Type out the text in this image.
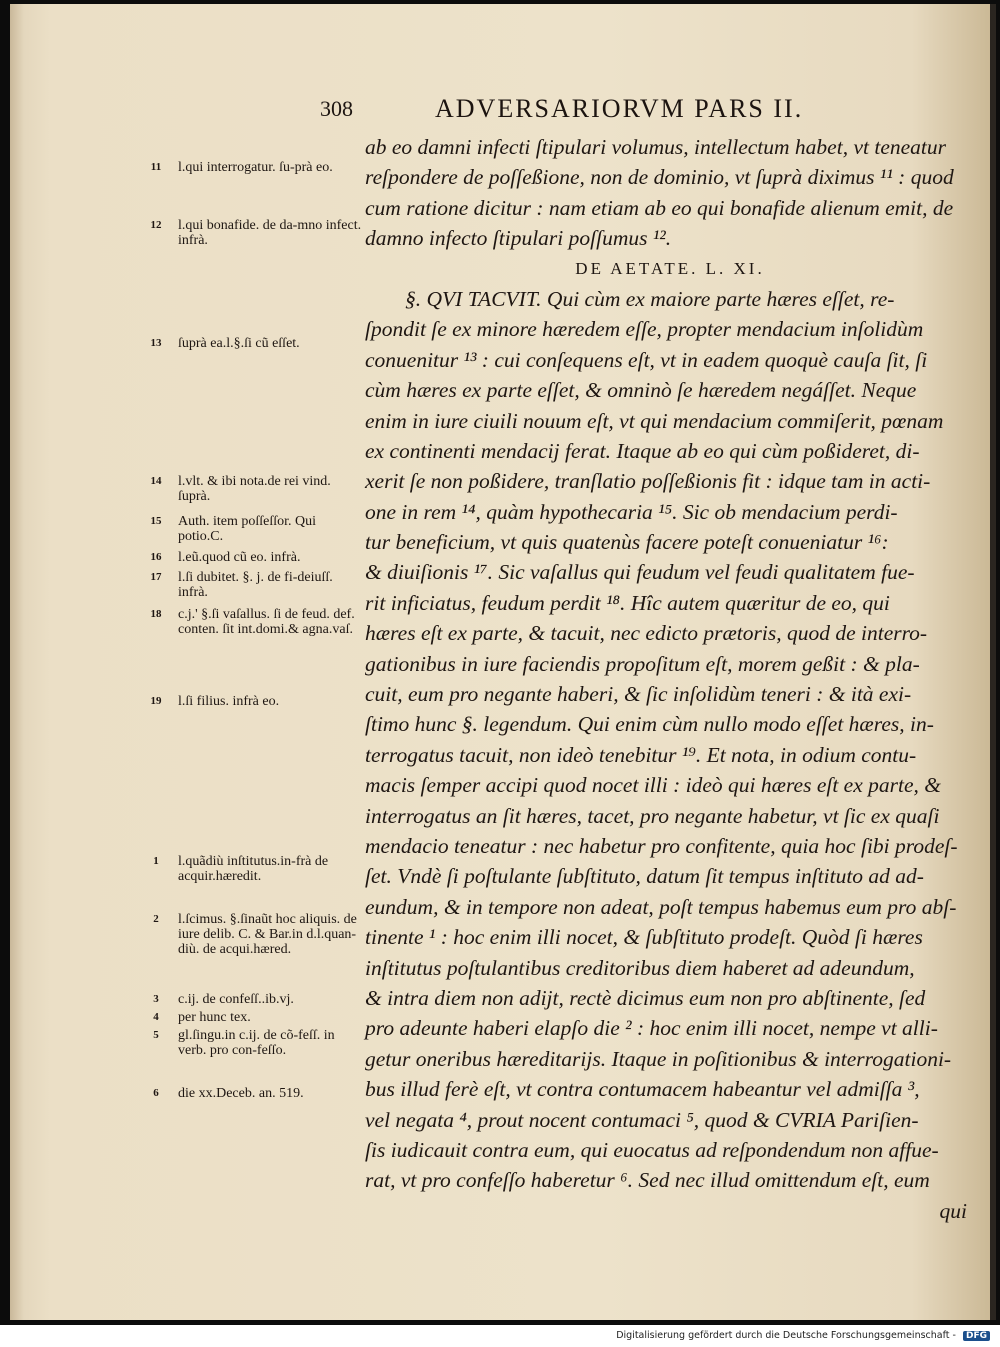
308	ADVERSARIORVM PARS II.
11	l.qui interrogatur. ſu-prà eo.
12	l.qui bonafide. de da-mno infect. infrà.
13	ſuprà ea.l.§.ſi cũ eſſet.
14	l.vlt. & ibi nota.de rei vind. ſuprà.
15	Auth. item poſſeſſor. Qui potio.C.
16	l.eũ.quod cũ eo. infrà.
17	l.ſi dubitet. §. j. de fi-deiuſſ. infrà.
18	c.j.' §.ſi vaſallus. ſi de feud. def. conten. ſit int.domi.& agna.vaſ.
19	l.ſi filius. infrà eo.
1	l.quãdiù inſtitutus.in-frà de acquir.hæredit.
2	l.ſcimus. §.ſinaũt hoc aliquis. de iure delib. C. & Bar.in d.l.quan-diù. de acqui.hæred.
3	c.ij. de confeſſ..ib.vj.
4	per hunc tex.
5	gl.ſingu.in c.ij. de cõ-feſſ. in verb. pro con-feſſo.
6	die xx.Deceb. an. 519.
ab eo damni infecti ſtipulari volumus, intellectum habet, vt teneatur
reſpondere de poſſeßione, non de dominio, vt ſuprà diximus ¹¹ : quod
cum ratione dicitur : nam etiam ab eo qui bonafide alienum emit, de
damno infecto ſtipulari poſſumus ¹².
DE AETATE. L. XI.
§. QVI TACVIT. Qui cùm ex maiore parte hæres eſſet, re-
ſpondit ſe ex minore hæredem eſſe, propter mendacium inſolidùm
conuenitur ¹³ : cui conſequens eſt, vt in eadem quoquè cauſa ſit, ſi
cùm hæres ex parte eſſet, & omninò ſe hæredem negáſſet. Neque
enim in iure ciuili nouum eſt, vt qui mendacium commiſerit, pœnam
ex continenti mendacij ferat. Itaque ab eo qui cùm poßideret, di-
xerit ſe non poßidere, tranſlatio poſſeßionis fit : idque tam in acti-
one in rem ¹⁴, quàm hypothecaria ¹⁵. Sic ob mendacium perdi-
tur beneficium, vt quis quatenùs facere poteſt conueniatur ¹⁶:
& diuiſionis ¹⁷. Sic vaſallus qui feudum vel feudi qualitatem fue-
rit inficiatus, feudum perdit ¹⁸. Hîc autem quæritur de eo, qui
hæres eſt ex parte, & tacuit, nec edicto prætoris, quod de interro-
gationibus in iure faciendis propoſitum eſt, morem geßit : & pla-
cuit, eum pro negante haberi, & ſic inſolidùm teneri : & ità exi-
ſtimo hunc §. legendum. Qui enim cùm nullo modo eſſet hæres, in-
terrogatus tacuit, non ideò tenebitur ¹⁹. Et nota, in odium contu-
macis ſemper accipi quod nocet illi : ideò qui hæres eſt ex parte, &
interrogatus an ſit hæres, tacet, pro negante habetur, vt ſic ex quaſi
mendacio teneatur : nec habetur pro confitente, quia hoc ſibi prodeſ-
ſet. Vndè ſi poſtulante ſubſtituto, datum ſit tempus inſtituto ad ad-
eundum, & in tempore non adeat, poſt tempus habemus eum pro abſ-
tinente ¹ : hoc enim illi nocet, & ſubſtituto prodeſt. Quòd ſi hæres
inſtitutus poſtulantibus creditoribus diem haberet ad adeundum,
& intra diem non adijt, rectè dicimus eum non pro abſtinente, ſed
pro adeunte haberi elapſo die ² : hoc enim illi nocet, nempe vt alli-
getur oneribus hæreditarijs. Itaque in poſitionibus & interrogationi-
bus illud ferè eſt, vt contra contumacem habeantur vel admiſſa ³,
vel negata ⁴, prout nocent contumaci ⁵, quod & CVRIA Pariſien-
ſis iudicauit contra eum, qui euocatus ad reſpondendum non affue-
rat, vt pro confeſſo haberetur ⁶. Sed nec illud omittendum eſt, eum
qui
Digitalisierung gefördert durch die Deutsche Forschungsgemeinschaft - DFG
